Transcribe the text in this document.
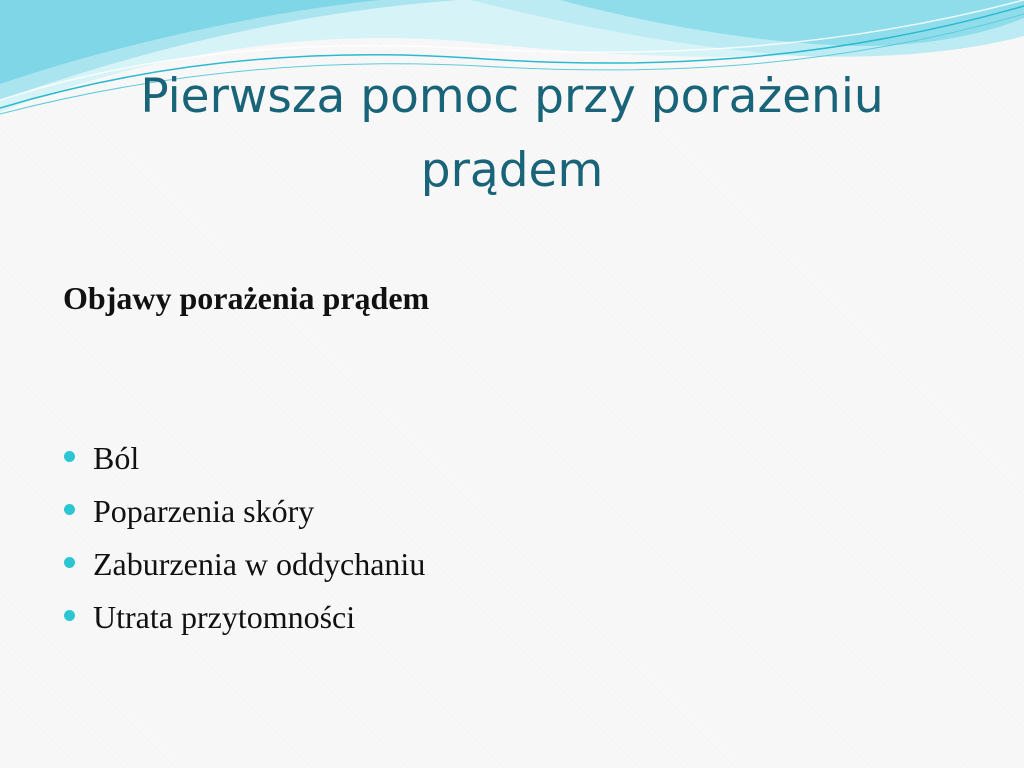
Pierwsza pomoc przy porażeniu prądem
Objawy porażenia prądem
Ból
Poparzenia skóry
Zaburzenia w oddychaniu
Utrata przytomności
